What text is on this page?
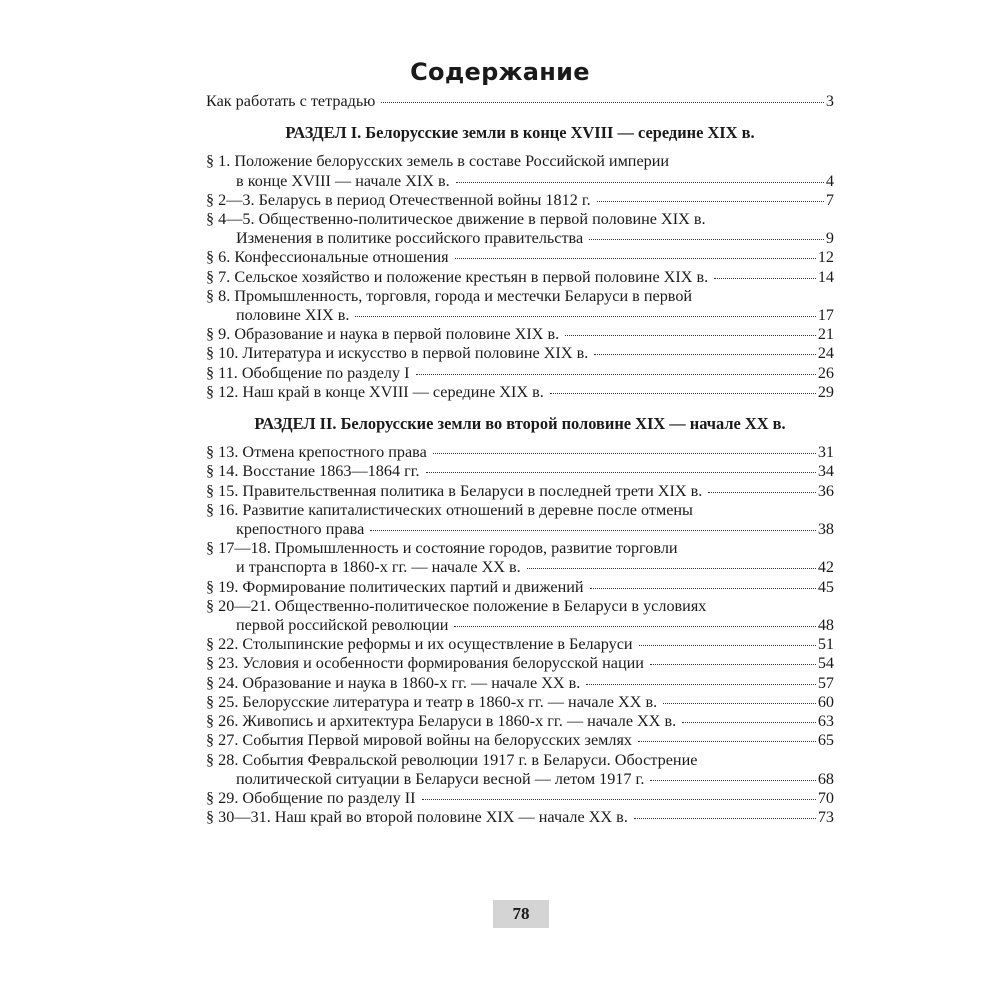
Содержание
Как работать с тетрадью	3
РАЗДЕЛ I. Белорусские земли в конце XVIII — середине XIX в.
§ 1. Положение белорусских земель в составе Российской империи
в конце XVIII — начале XIX в.	4
§ 2—3. Беларусь в период Отечественной войны 1812 г.	7
§ 4—5. Общественно-политическое движение в первой половине XIX в.
Изменения в политике российского правительства	9
§ 6. Конфессиональные отношения	12
§ 7. Сельское хозяйство и положение крестьян в первой половине XIX в.	14
§ 8. Промышленность, торговля, города и местечки Беларуси в первой
половине XIX в.	17
§ 9. Образование и наука в первой половине XIX в.	21
§ 10. Литература и искусство в первой половине XIX в.	24
§ 11. Обобщение по разделу I	26
§ 12. Наш край в конце XVIII — середине XIX в.	29
РАЗДЕЛ II. Белорусские земли во второй половине XIX — начале XX в.
§ 13. Отмена крепостного права	31
§ 14. Восстание 1863—1864 гг.	34
§ 15. Правительственная политика в Беларуси в последней трети XIX в.	36
§ 16. Развитие капиталистических отношений в деревне после отмены
крепостного права	38
§ 17—18. Промышленность и состояние городов, развитие торговли
и транспорта в 1860-х гг. — начале XX в.	42
§ 19. Формирование политических партий и движений	45
§ 20—21. Общественно-политическое положение в Беларуси в условиях
первой российской революции	48
§ 22. Столыпинские реформы и их осуществление в Беларуси	51
§ 23. Условия и особенности формирования белорусской нации	54
§ 24. Образование и наука в 1860-х гг. — начале XX в.	57
§ 25. Белорусские литература и театр в 1860-х гг. — начале XX в.	60
§ 26. Живопись и архитектура Беларуси в 1860-х гг. — начале XX в.	63
§ 27. События Первой мировой войны на белорусских землях	65
§ 28. События Февральской революции 1917 г. в Беларуси. Обострение
политической ситуации в Беларуси весной — летом 1917 г.	68
§ 29. Обобщение по разделу II	70
§ 30—31. Наш край во второй половине XIX — начале XX в.	73
78
